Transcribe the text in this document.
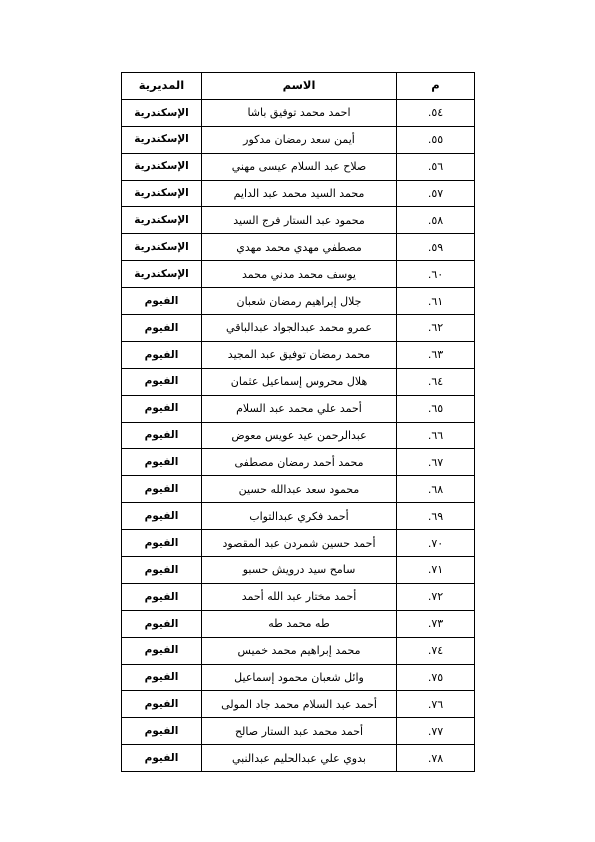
م	الاسم	المديرية
٥٤.	احمد محمد توفيق باشا	الإسكندرية
٥٥.	أيمن سعد رمضان مدكور	الإسكندرية
٥٦.	صلاح عبد السلام عيسى مهني	الإسكندرية
٥٧.	محمد السيد محمد عبد الدايم	الإسكندرية
٥٨.	محمود عبد الستار فرج السيد	الإسكندرية
٥٩.	مصطفي مهدي محمد مهدي	الإسكندرية
٦٠.	يوسف محمد مدني محمد	الإسكندرية
٦١.	جلال إبراهيم رمضان شعبان	الفيوم
٦٢.	عمرو محمد عبدالجواد عبدالباقي	الفيوم
٦٣.	محمد رمضان توفيق عبد المجيد	الفيوم
٦٤.	هلال محروس إسماعيل عثمان	الفيوم
٦٥.	أحمد علي محمد عبد السلام	الفيوم
٦٦.	عبدالرحمن عيد عويس معوض	الفيوم
٦٧.	محمد أحمد رمضان مصطفى	الفيوم
٦٨.	محمود سعد عبدالله حسين	الفيوم
٦٩.	أحمد فكري عبدالتواب	الفيوم
٧٠.	أحمد حسين شمردن عبد المقصود	الفيوم
٧١.	سامح سيد درويش حسبو	الفيوم
٧٢.	أحمد مختار عبد الله أحمد	الفيوم
٧٣.	طه محمد طه	الفيوم
٧٤.	محمد إبراهيم محمد خميس	الفيوم
٧٥.	وائل شعبان محمود إسماعيل	الفيوم
٧٦.	أحمد عبد السلام محمد جاد المولى	الفيوم
٧٧.	أحمد محمد عبد الستار صالح	الفيوم
٧٨.	بدوي علي عبدالحليم عبدالنبي	الفيوم
